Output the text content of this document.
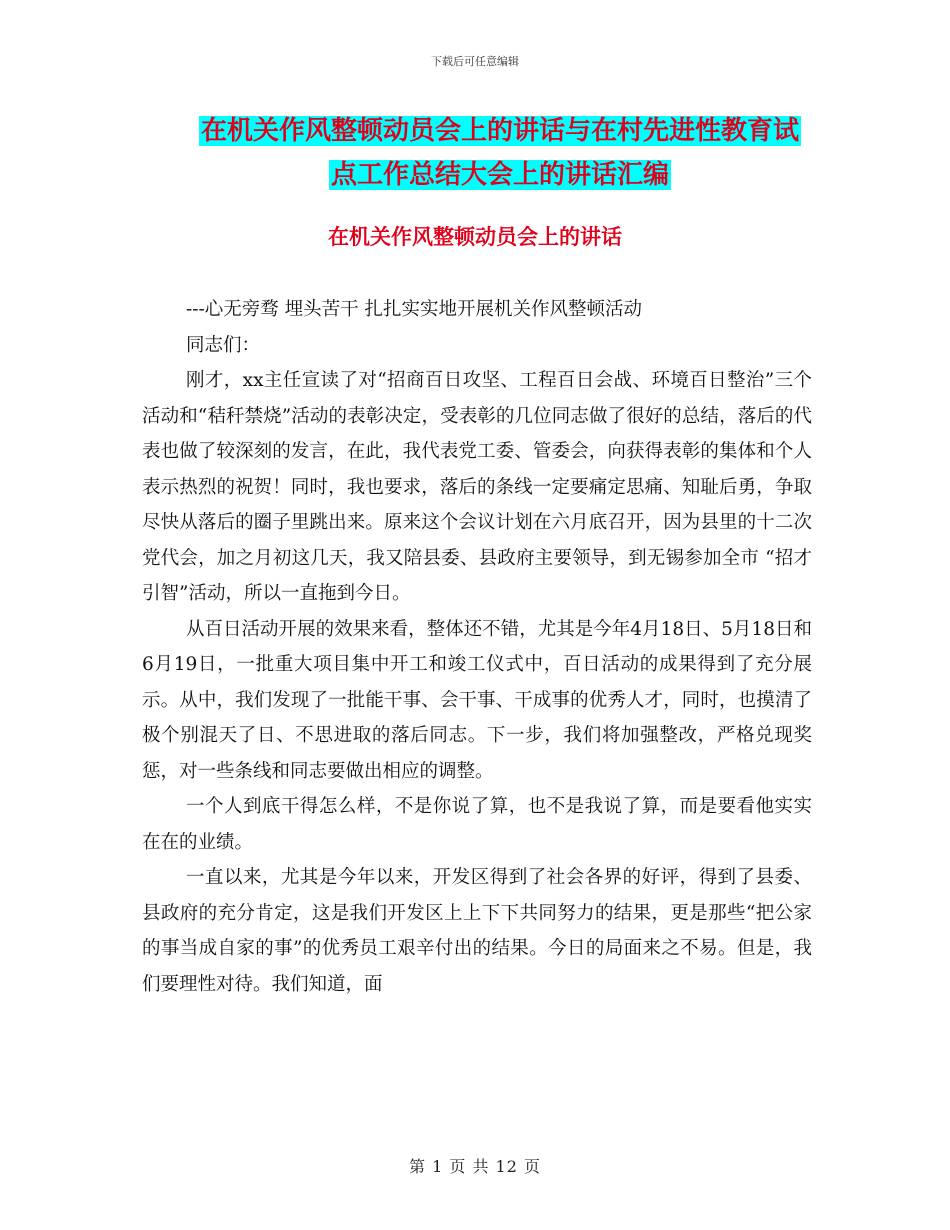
下载后可任意编辑
在机关作风整顿动员会上的讲话与在村先进性教育试
点工作总结大会上的讲话汇编
在机关作风整顿动员会上的讲话

---心无旁骛 埋头苦干 扎扎实实地开展机关作风整顿活动

同志们：

刚才，xx主任宣读了对“招商百日攻坚、工程百日会战、环境百日整治”三个活动和“秸秆禁烧”活动的表彰决定，受表彰的几位同志做了很好的总结，落后的代表也做了较深刻的发言，在此，我代表党工委、管委会，向获得表彰的集体和个人表示热烈的祝贺！同时，我也要求，落后的条线一定要痛定思痛、知耻后勇，争取尽快从落后的圈子里跳出来。原来这个会议计划在六月底召开，因为县里的十二次党代会，加之月初这几天，我又陪县委、县政府主要领导，到无锡参加全市 “招才引智”活动，所以一直拖到今日。

从百日活动开展的效果来看，整体还不错，尤其是今年4月18日、5月18日和6月19日，一批重大项目集中开工和竣工仪式中，百日活动的成果得到了充分展示。从中，我们发现了一批能干事、会干事、干成事的优秀人才，同时，也摸清了极个别混天了日、不思进取的落后同志。下一步，我们将加强整改，严格兑现奖惩，对一些条线和同志要做出相应的调整。

一个人到底干得怎么样，不是你说了算，也不是我说了算，而是要看他实实在在的业绩。

一直以来，尤其是今年以来，开发区得到了社会各界的好评，得到了县委、县政府的充分肯定，这是我们开发区上上下下共同努力的结果，更是那些“把公家的事当成自家的事”的优秀员工艰辛付出的结果。今日的局面来之不易。但是，我们要理性对待。我们知道，面

第 1 页 共 12 页
